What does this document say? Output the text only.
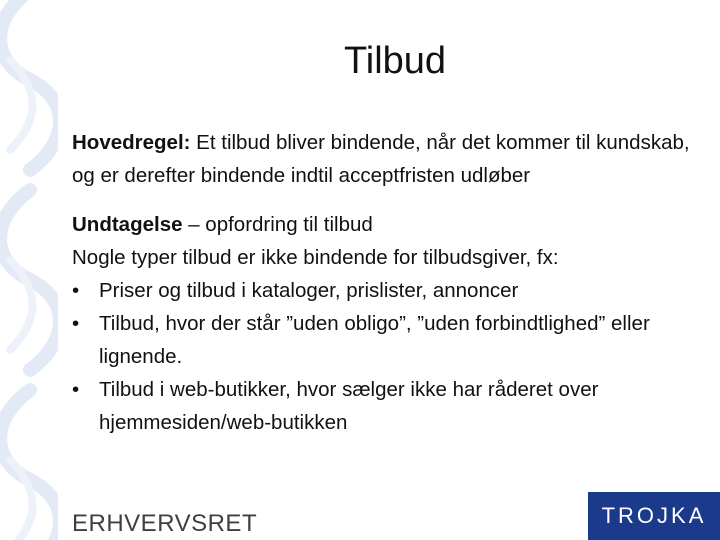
Tilbud

Hovedregel: Et tilbud bliver bindende, når det kommer til kundskab, og er derefter bindende indtil acceptfristen udløber

Undtagelse – opfordring til tilbud
Nogle typer tilbud er ikke bindende for tilbudsgiver, fx:
• Priser og tilbud i kataloger, prislister, annoncer
• Tilbud, hvor der står ”uden obligo”, ”uden forbindtlighed” eller lignende.
• Tilbud i web-butikker, hvor sælger ikke har råderet over hjemmesiden/web-butikken
ERHVERVSRET	TROJKA
